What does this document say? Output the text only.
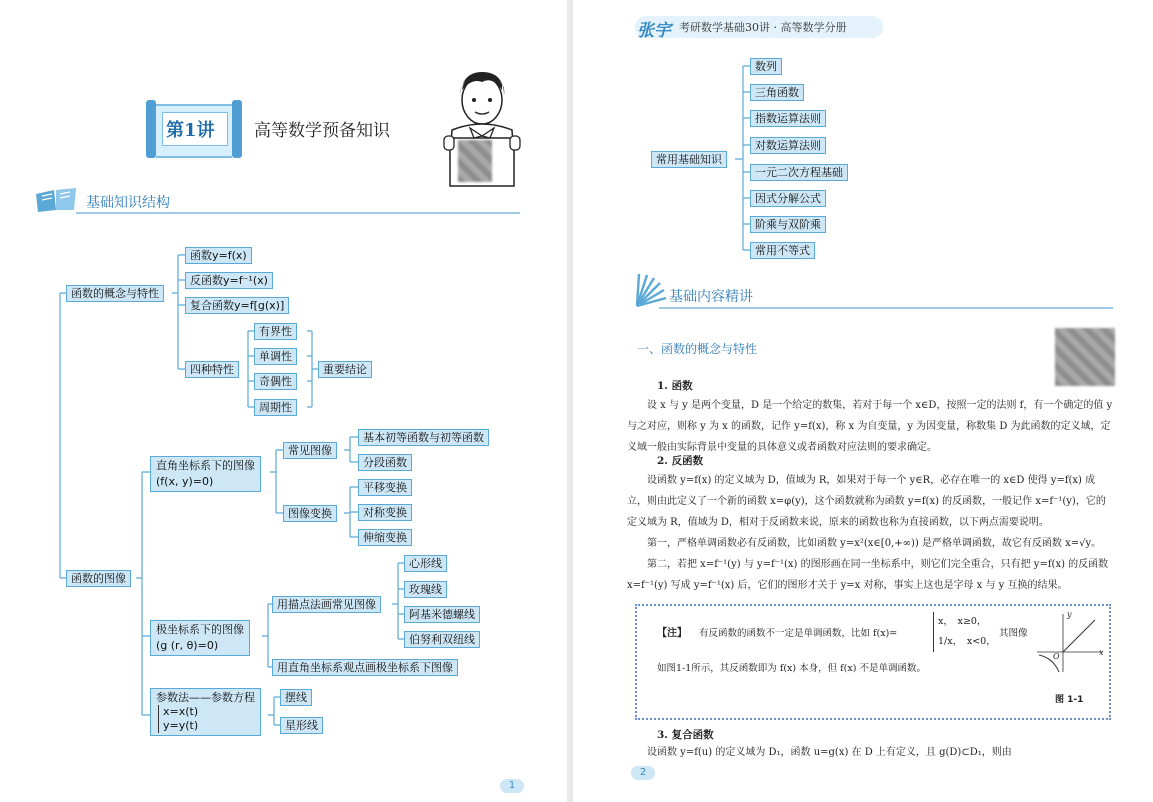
第1讲 高等数学预备知识
基础知识结构
函数的概念与特性
函数y=f(x)
反函数y=f⁻¹(x)
复合函数y=f[g(x)]
四种特性
有界性
单调性
奇偶性
周期性
重要结论
函数的图像
直角坐标系下的图像
(f(x, y)=0)
常见图像
基本初等函数与初等函数
分段函数
图像变换
平移变换
对称变换
伸缩变换
极坐标系下的图像
(g (r, θ)=0)
用描点法画常见图像
心形线
玫瑰线
阿基米德螺线
伯努利双纽线
用直角坐标系观点画极坐标系下图像
参数法——参数方程
x=x(t)
y=y(t)
摆线
星形线
1
张宇 考研数学基础30讲 · 高等数学分册
常用基础知识
数列
三角函数
指数运算法则
对数运算法则
一元二次方程基础
因式分解公式
阶乘与双阶乘
常用不等式
基础内容精讲
一、函数的概念与特性
1. 函数

设 x 与 y 是两个变量，D 是一个给定的数集，若对于每一个 x∈D，按照一定的法则 f，有一个确定的值 y 与之对应，则称 y 为 x 的函数，记作 y=f(x)，称 x 为自变量，y 为因变量，称数集 D 为此函数的定义域，定义域一般由实际背景中变量的具体意义或者函数对应法则的要求确定。

2. 反函数

设函数 y=f(x) 的定义域为 D，值域为 R，如果对于每一个 y∈R，必存在唯一的 x∈D 使得 y=f(x) 成立，则由此定义了一个新的函数 x=φ(y)，这个函数就称为函数 y=f(x) 的反函数，一般记作 x=f⁻¹(y)，它的定义域为 R，值域为 D，相对于反函数来说，原来的函数也称为直接函数，以下两点需要说明。

第一，严格单调函数必有反函数，比如函数 y=x²(x∈[0,+∞)) 是严格单调函数，故它有反函数 x=√y。

第二，若把 x=f⁻¹(y) 与 y=f⁻¹(x) 的图形画在同一坐标系中，则它们完全重合，只有把 y=f(x) 的反函数 x=f⁻¹(y) 写成 y=f⁻¹(x) 后，它们的图形才关于 y=x 对称，事实上这也是字母 x 与 y 互换的结果。

【注】 有反函数的函数不一定是单调函数，比如 f(x)=
x，　x≥0，
1/x，　x<0，
其图像
如图1-1所示，其反函数即为 f(x) 本身，但 f(x) 不是单调函数。
y
x
O
图 1-1
3. 复合函数

设函数 y=f(u) 的定义域为 D₁，函数 u=g(x) 在 D 上有定义，且 g(D)⊂D₁，则由

2
